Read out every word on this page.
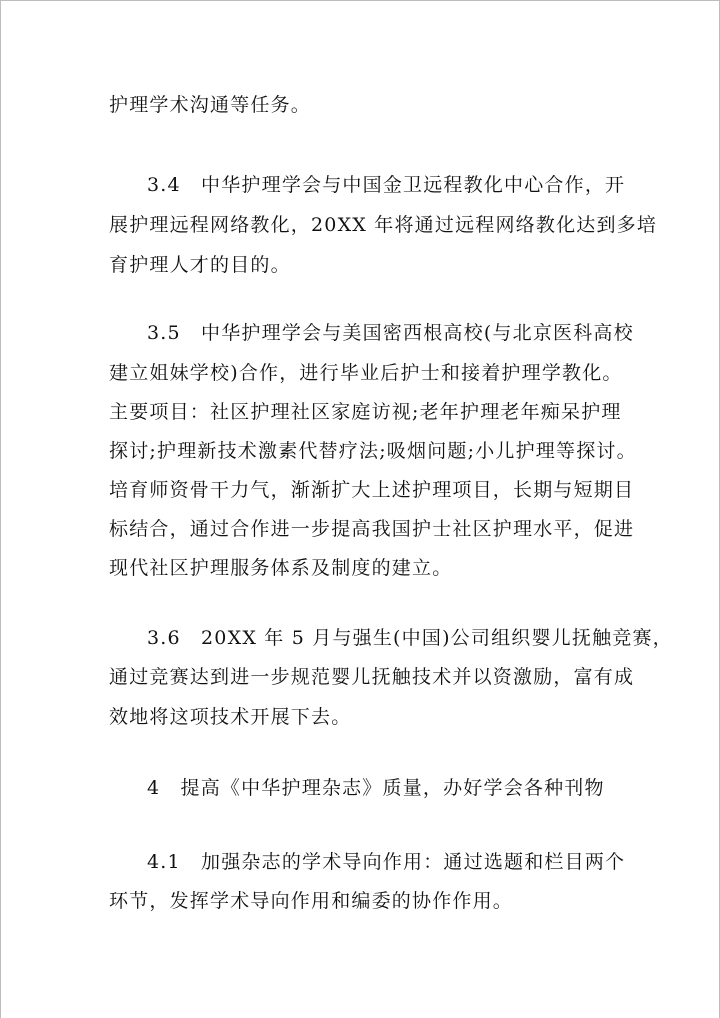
护理学术沟通等任务。
3.4　中华护理学会与中国金卫远程教化中心合作，开
展护理远程网络教化，20XX 年将通过远程网络教化达到多培
育护理人才的目的。
3.5　中华护理学会与美国密西根高校(与北京医科高校
建立姐妹学校)合作，进行毕业后护士和接着护理学教化。
主要项目：社区护理社区家庭访视;老年护理老年痴呆护理
探讨;护理新技术激素代替疗法;吸烟问题;小儿护理等探讨。
培育师资骨干力气，渐渐扩大上述护理项目，长期与短期目
标结合，通过合作进一步提高我国护士社区护理水平，促进
现代社区护理服务体系及制度的建立。
3.6　20XX 年 5 月与强生(中国)公司组织婴儿抚触竞赛，
通过竞赛达到进一步规范婴儿抚触技术并以资激励，富有成
效地将这项技术开展下去。
4　提高《中华护理杂志》质量，办好学会各种刊物
4.1　加强杂志的学术导向作用：通过选题和栏目两个
环节，发挥学术导向作用和编委的协作作用。
